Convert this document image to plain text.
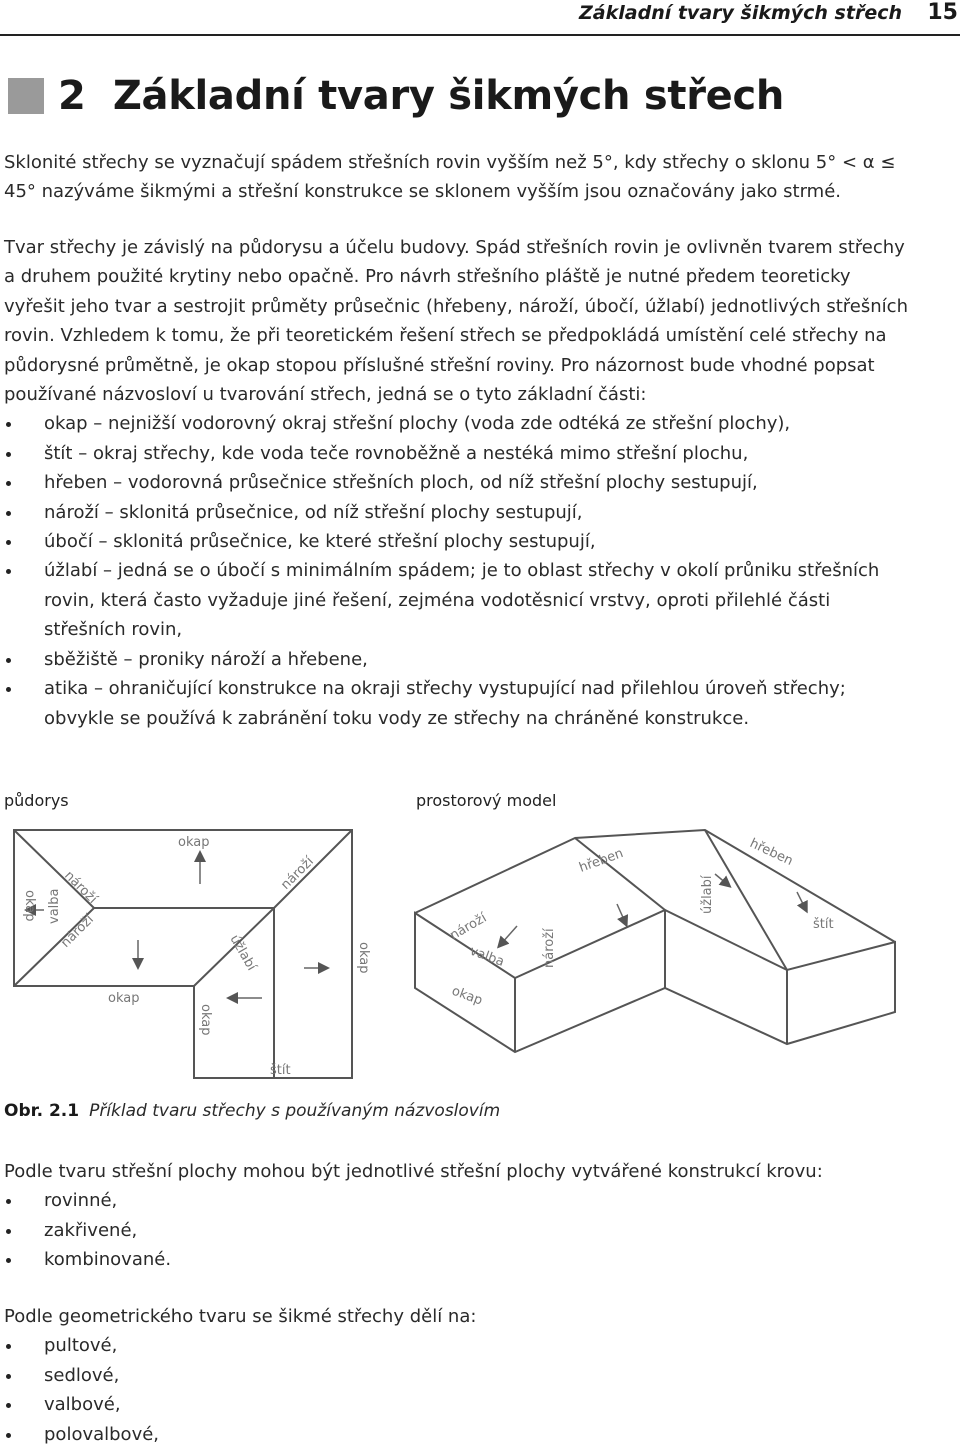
Základní tvary šikmých střech 15
2 Základní tvary šikmých střech

Sklonité střechy se vyznačují spádem střešních rovin vyšším než 5°, kdy střechy o sklonu 5° < α ≤ 45° nazýváme šikmými a střešní konstrukce se sklonem vyšším jsou označovány jako strmé.

Tvar střechy je závislý na půdorysu a účelu budovy. Spád střešních rovin je ovlivněn tvarem střechy a druhem použité krytiny nebo opačně. Pro návrh střešního pláště je nutné předem teoreticky vyřešit jeho tvar a sestrojit průměty průsečnic (hřebeny, nároží, úbočí, úžlabí) jednotlivých střešních rovin. Vzhledem k tomu, že při teoretickém řešení střech se předpokládá umístění celé střechy na půdorysné průmětně, je okap stopou příslušné střešní roviny. Pro názornost bude vhodné popsat používané názvosloví u tvarování střech, jedná se o tyto základní části:

okap – nejnižší vodorovný okraj střešní plochy (voda zde odtéká ze střešní plochy),
štít – okraj střechy, kde voda teče rovnoběžně a nestéká mimo střešní plochu,
hřeben – vodorovná průsečnice střešních ploch, od níž střešní plochy sestupují,
nároží – sklonitá průsečnice, od níž střešní plochy sestupují,
úbočí – sklonitá průsečnice, ke které střešní plochy sestupují,
úžlabí – jedná se o úbočí s minimálním spádem; je to oblast střechy v okolí průniku střešních rovin, která často vyžaduje jiné řešení, zejména vodotěsnicí vrstvy, oproti přilehlé části střešních rovin,
sběžiště – proniky nároží a hřebene,
atika – ohraničující konstrukce na okraji střechy vystupující nad přilehlou úroveň střechy; obvykle se používá k zabránění toku vody ze střechy na chráněné konstrukce.
půdorys	prostorový model
okap
nároží
valba
nároží
okap
nároží
úžlabí	okap
okap
okap
štít
hřeben	hřeben
úžlabí
nároží
nároží
valba
okap
štít
Obr. 2.1 Příklad tvaru střechy s používaným názvoslovím

Podle tvaru střešní plochy mohou být jednotlivé střešní plochy vytvářené konstrukcí krovu:

rovinné,
zakřivené,
kombinované.

Podle geometrického tvaru se šikmé střechy dělí na:

pultové,
sedlové,
valbové,
polovalbové,
